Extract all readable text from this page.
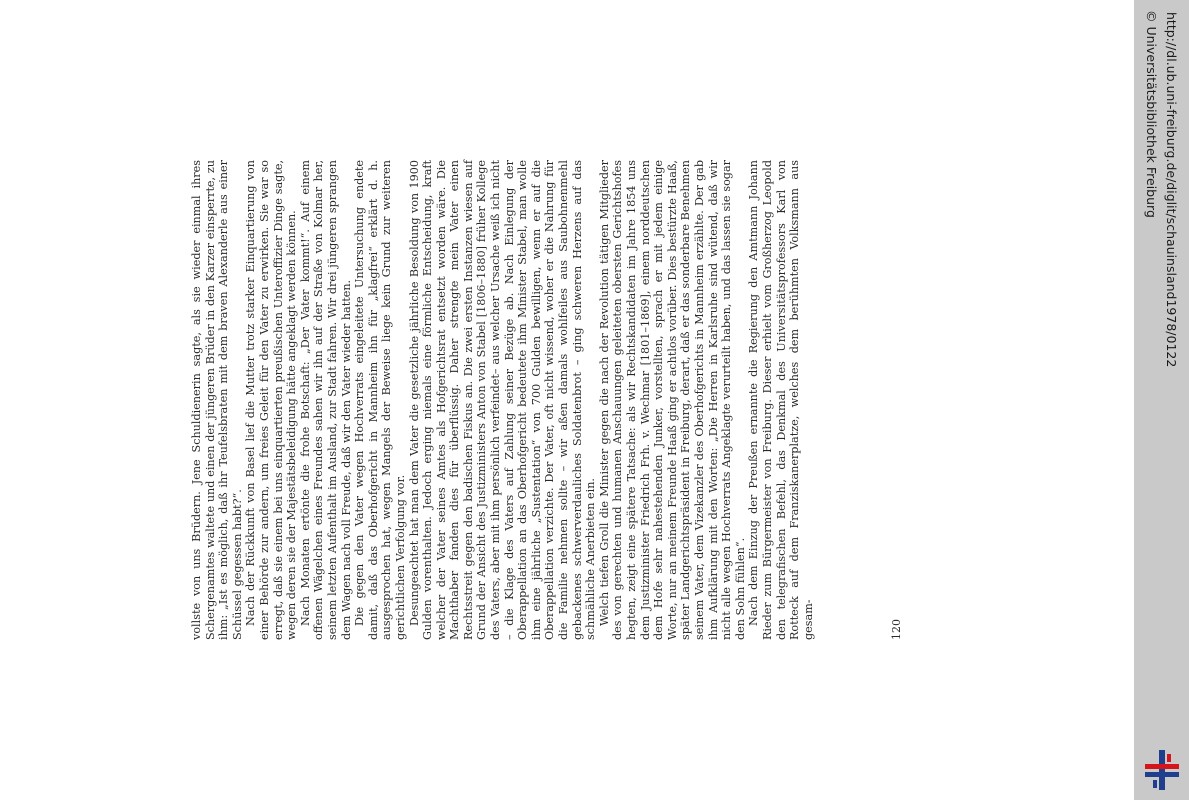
vollste von uns Brüdern. Jene Schuldienerin sagte, als sie wieder einmal ihres Schergenamtes waltete und einen der jüngeren Brüder in den Karzer einsperrte, zu ihm: „Ist es möglich, daß ihr Teufelsbraten mit dem braven Alexanderle aus einer Schüssel gegessen habt?“. Nach der Rückkunft von Basel lief die Mutter trotz starker Einquartierung von einer Behörde zur andern, um freies Geleit für den Vater zu erwirken. Sie war so erregt, daß sie einem bei uns einquartierten preußischen Unteroffizier Dinge sagte, wegen deren sie der Majestätsbeleidigung hätte angeklagt werden können. Nach Monaten ertönte die frohe Botschaft: „Der Vater kommt!“. Auf einem offenen Wägelchen eines Freundes sahen wir ihn auf der Straße von Kolmar her, seinem letzten Aufenthalt im Ausland, zur Stadt fahren. Wir drei jüngeren sprangen dem Wagen nach voll Freude, daß wir den Vater wieder hatten. Die gegen den Vater wegen Hochverrats eingeleitete Untersuchung endete damit, daß das Oberhofgericht in Mannheim ihn für „klagfrei“ erklärt d. h. ausgesprochen hat, wegen Mangels der Beweise liege kein Grund zur weiteren gerichtlichen Verfolgung vor. Desungeachtet hat man dem Vater die gesetzliche jährliche Besoldung von 1900 Gulden vorenthalten. Jedoch erging niemals eine förmliche Entscheidung, kraft welcher der Vater seines Amtes als Hofgerichtsrat entsetzt worden wäre. Die Machthaber fanden dies für überflüssig. Daher strengte mein Vater einen Rechtsstreit gegen den badischen Fiskus an. Die zwei ersten Instanzen wiesen auf Grund der Ansicht des Justizministers Anton von Stabel [1806–1880] früher Kollege des Vaters, aber mit ihm persönlich verfeindet– aus welcher Ursache weiß ich nicht – die Klage des Vaters auf Zahlung seiner Bezüge ab. Nach Einlegung der Oberappellation an das Oberhofgericht bedeutete ihm Minister Stabel, man wolle ihm eine jährliche „Sustentation“ von 700 Gulden bewilligen, wenn er auf die Oberappellation verzichte. Der Vater, oft nicht wissend, woher er die Nahrung für die Familie nehmen sollte – wir aßen damals wohlfeiles aus Saubohnenmehl gebackenes schwerverdauliches Soldatenbrot – ging schweren Herzens auf das schmähliche Anerbieten ein. Welch tiefen Groll die Minister gegen die nach der Revolution tätigen Mitglieder des von gerechten und humanen Anschauungen geleiteten obersten Gerichtshofes hegten, zeigt eine spätere Tatsache: als wir Rechtskandidaten im Jahre 1854 uns dem Justizminister Friedrich Frh. v. Wechmar [1801–1869], einem norddeutschen dem Hofe sehr nahestehenden Junker, vorstellten, sprach er mit jedem einige Worte, nur an meinem Freunde Haaß ging er achtlos vorüber. Dies bestürzte Haaß, später Landgerichtspräsident in Freiburg, derart, daß er das sonderbare Benehmen seinem Vater, dem Vizekanzler des Oberhofgerichts in Mannheim erzählte. Der gab ihm Aufklärung mit den Worten: „Die Herren in Karlsruhe sind wütend, daß wir nicht alle wegen Hochverrats Angeklagte verurteilt haben, und das lassen sie sogar den Sohn fühlen“. Nach dem Einzug der Preußen ernannte die Regierung den Amtmann Johann Rieder zum Bürgermeister von Freiburg. Dieser erhielt vom Großherzog Leopold den telegrafischen Befehl, das Denkmal des Universitätsprofessors Karl von Rotteck auf dem Franziskanerplatze, welches dem berühmten Volksmann aus gesam-	120
http://dl.ub.uni-freiburg.de/diglit/schauinsland1978/0122
© Universitätsbibliothek Freiburg
